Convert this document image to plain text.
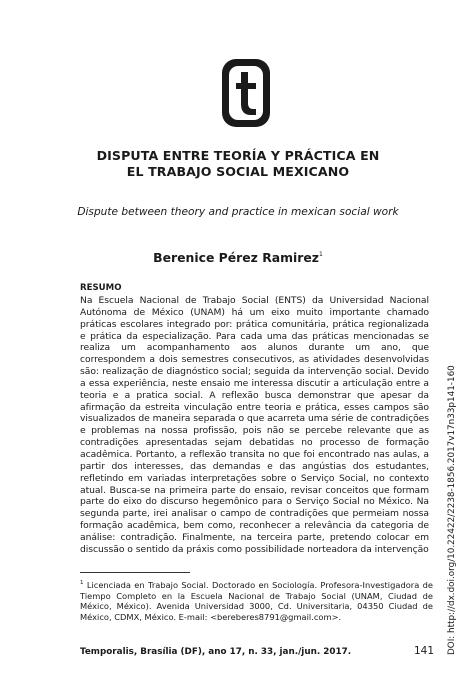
DISPUTA ENTRE TEORÍA Y PRÁCTICA EN
EL TRABAJO SOCIAL MEXICANO
Dispute between theory and practice in mexican social work
Berenice Pérez Ramirez$^1$
RESUMO
Na Escuela Nacional de Trabajo Social (ENTS) da Universidad Nacional Autónoma de México (UNAM) há um eixo muito importante chamado práticas escolares integrado por: prática comunitária, prática regionalizada e prática da especialização. Para cada uma das práticas mencionadas se realiza um acompanhamento aos alunos durante um ano, que correspondem a dois semestres consecutivos, as atividades desenvolvidas são: realização de diagnóstico social; seguida da intervenção social. Devido a essa experiência, neste ensaio me interessa discutir a articulação entre a teoria e a pratica social. A reflexão busca demonstrar que apesar da afirmação da estreita vinculação entre teoria e prática, esses campos são visualizados de maneira separada o que acarreta uma série de contradições e problemas na nossa profissão, pois não se percebe relevante que as contradições apresentadas sejam debatidas no processo de formação acadêmica. Portanto, a reflexão transita no que foi encontrado nas aulas, a partir dos interesses, das demandas e das angústias dos estudantes, refletindo em variadas interpretações sobre o Serviço Social, no contexto atual. Busca-se na primeira parte do ensaio, revisar conceitos que formam parte do eixo do discurso hegemônico para o Serviço Social no México. Na segunda parte, irei analisar o campo de contradições que permeiam nossa formação acadêmica, bem como, reconhecer a relevância da categoria de análise: contradição. Finalmente, na terceira parte, pretendo colocar em discussão o sentido da práxis como possibilidade norteadora da intervenção
$^1$ Licenciada en Trabajo Social. Doctorado en Sociología. Profesora-Investigadora de Tiempo Completo en la Escuela Nacional de Trabajo Social (UNAM, Ciudad de México, México). Avenida Universidad 3000, Cd. Universitaria, 04350 Ciudad de México, CDMX, México. E-mail: <bereberes8791@gmail.com>.
Temporalis, Brasília (DF), ano 17, n. 33, jan./jun. 2017.	141 DOI: http://dx.doi.org/10.22422/2238-1856.2017v17n33p141-160
